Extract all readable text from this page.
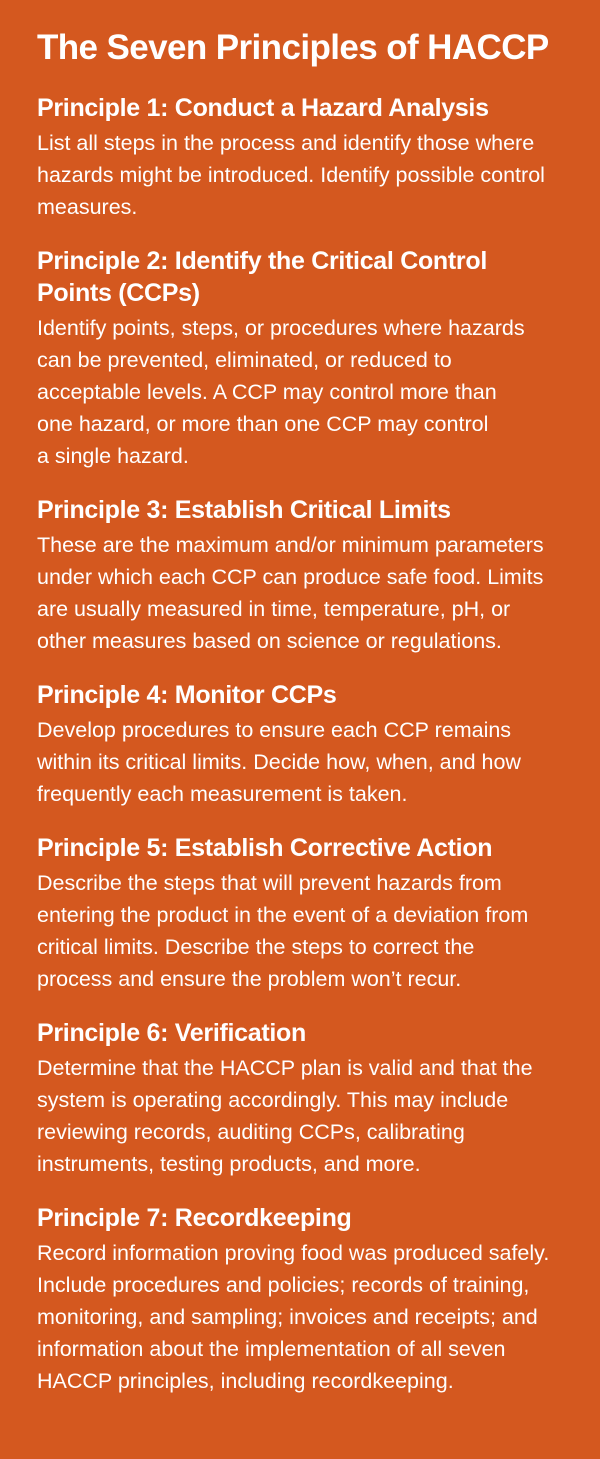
The Seven Principles of HACCP
Principle 1: Conduct a Hazard Analysis

List all steps in the process and identify those where
hazards might be introduced. Identify possible control
measures.

Principle 2: Identify the Critical Control Points (CCPs)

Identify points, steps, or procedures where hazards
can be prevented, eliminated, or reduced to
acceptable levels. A CCP may control more than
one hazard, or more than one CCP may control
a single hazard.

Principle 3: Establish Critical Limits

These are the maximum and/or minimum parameters
under which each CCP can produce safe food. Limits
are usually measured in time, temperature, pH, or
other measures based on science or regulations.

Principle 4: Monitor CCPs

Develop procedures to ensure each CCP remains
within its critical limits. Decide how, when, and how
frequently each measurement is taken.

Principle 5: Establish Corrective Action

Describe the steps that will prevent hazards from
entering the product in the event of a deviation from
critical limits. Describe the steps to correct the
process and ensure the problem won’t recur.

Principle 6: Verification

Determine that the HACCP plan is valid and that the
system is operating accordingly. This may include
reviewing records, auditing CCPs, calibrating
instruments, testing products, and more.

Principle 7: Recordkeeping

Record information proving food was produced safely.
Include procedures and policies; records of training,
monitoring, and sampling; invoices and receipts; and
information about the implementation of all seven
HACCP principles, including recordkeeping.
